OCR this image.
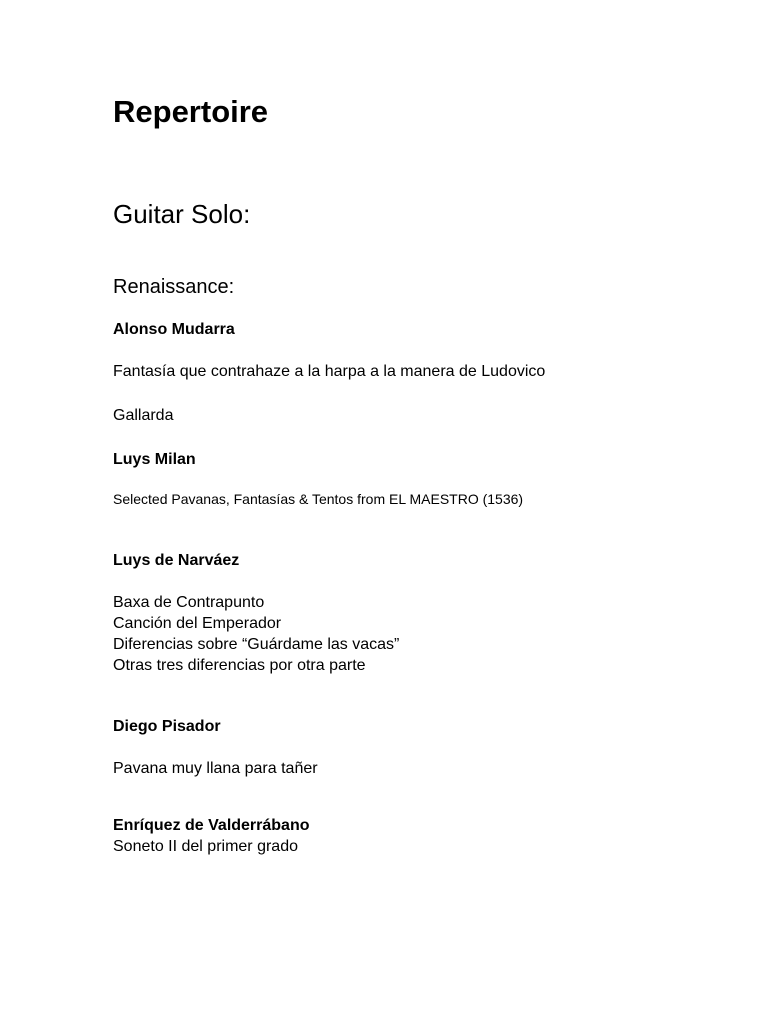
Repertoire
Guitar Solo:
Renaissance:
Alonso Mudarra
Fantasía que contrahaze a la harpa a la manera de Ludovico
Gallarda
Luys Milan
Selected Pavanas, Fantasías & Tentos from EL MAESTRO (1536)
Luys de Narváez
Baxa de Contrapunto
Canción del Emperador
Diferencias sobre “Guárdame las vacas”
Otras tres diferencias por otra parte
Diego Pisador
Pavana muy llana para tañer
Enríquez de Valderrábano
Soneto II del primer grado
